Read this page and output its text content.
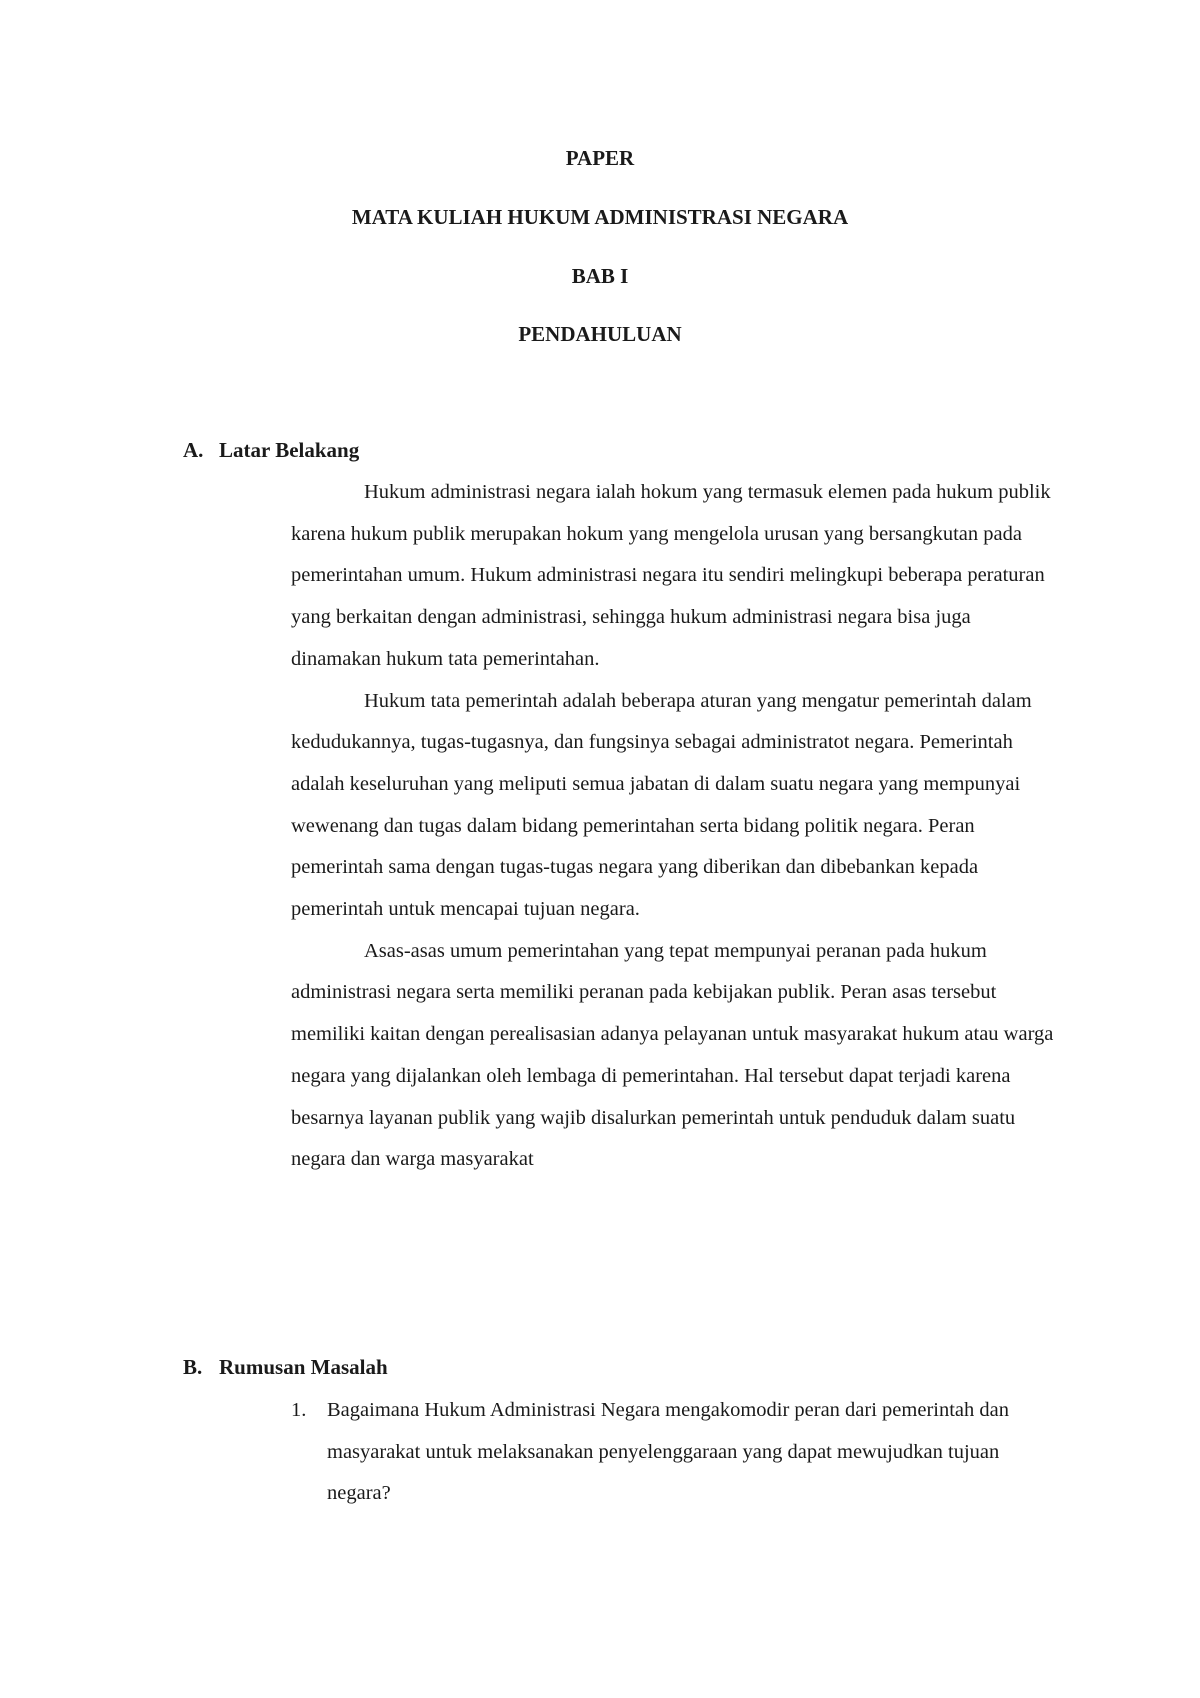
PAPER
MATA KULIAH HUKUM ADMINISTRASI NEGARA
BAB I
PENDAHULUAN
A. Latar Belakang

Hukum administrasi negara ialah hokum yang termasuk elemen pada hukum publik karena hukum publik merupakan hokum yang mengelola urusan yang bersangkutan pada pemerintahan umum. Hukum administrasi negara itu sendiri melingkupi beberapa peraturan yang berkaitan dengan administrasi, sehingga hukum administrasi negara bisa juga dinamakan hukum tata pemerintahan.

Hukum tata pemerintah adalah beberapa aturan yang mengatur pemerintah dalam kedudukannya, tugas-tugasnya, dan fungsinya sebagai administratot negara. Pemerintah adalah keseluruhan yang meliputi semua jabatan di dalam suatu negara yang mempunyai wewenang dan tugas dalam bidang pemerintahan serta bidang politik negara. Peran pemerintah sama dengan tugas-tugas negara yang diberikan dan dibebankan kepada pemerintah untuk mencapai tujuan negara.

Asas-asas umum pemerintahan yang tepat mempunyai peranan pada hukum administrasi negara serta memiliki peranan pada kebijakan publik. Peran asas tersebut memiliki kaitan dengan perealisasian adanya pelayanan untuk masyarakat hukum atau warga negara yang dijalankan oleh lembaga di pemerintahan. Hal tersebut dapat terjadi karena besarnya layanan publik yang wajib disalurkan pemerintah untuk penduduk dalam suatu negara dan warga masyarakat

B. Rumusan Masalah
1.	Bagaimana Hukum Administrasi Negara mengakomodir peran dari pemerintah dan masyarakat untuk melaksanakan penyelenggaraan yang dapat mewujudkan tujuan negara?
